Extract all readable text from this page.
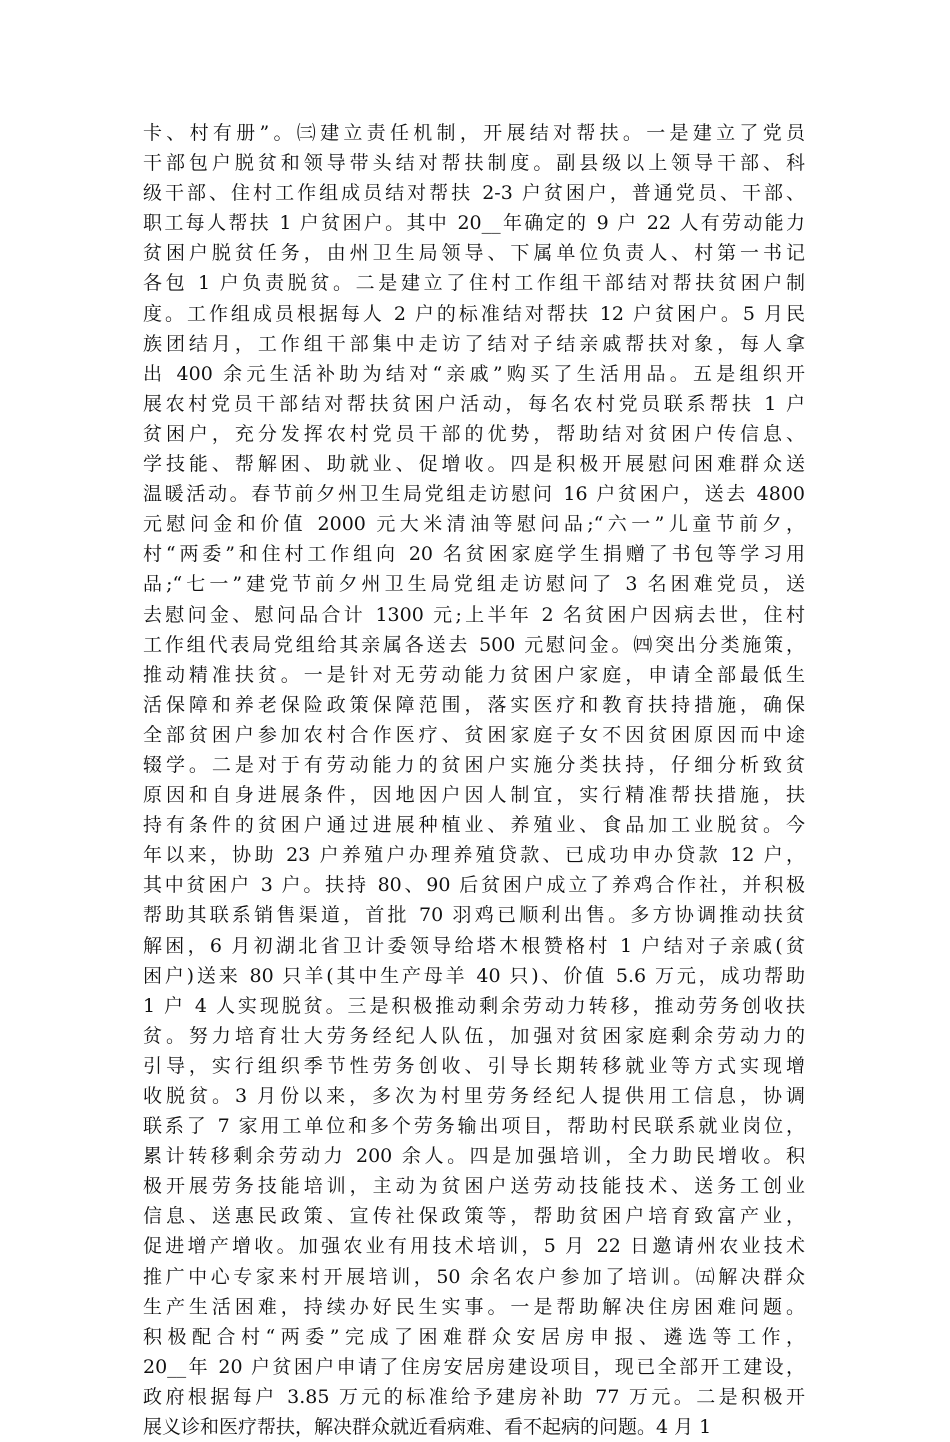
卡、村有册”。㈢建立责任机制，开展结对帮扶。一是建立了党员
干部包户脱贫和领导带头结对帮扶制度。副县级以上领导干部、科
级干部、住村工作组成员结对帮扶 2-3 户贫困户，普通党员、干部、
职工每人帮扶 1 户贫困户。其中 20__年确定的 9 户 22 人有劳动能力
贫困户脱贫任务，由州卫生局领导、下属单位负责人、村第一书记
各包 1 户负责脱贫。二是建立了住村工作组干部结对帮扶贫困户制
度。工作组成员根据每人 2 户的标准结对帮扶 12 户贫困户。5 月民
族团结月，工作组干部集中走访了结对子结亲戚帮扶对象，每人拿
出 400 余元生活补助为结对“亲戚”购买了生活用品。五是组织开
展农村党员干部结对帮扶贫困户活动，每名农村党员联系帮扶 1 户
贫困户，充分发挥农村党员干部的优势，帮助结对贫困户传信息、
学技能、帮解困、助就业、促增收。四是积极开展慰问困难群众送
温暖活动。春节前夕州卫生局党组走访慰问 16 户贫困户，送去 4800
元慰问金和价值 2000 元大米清油等慰问品;“六一”儿童节前夕，
村“两委”和住村工作组向 20 名贫困家庭学生捐赠了书包等学习用
品;“七一”建党节前夕州卫生局党组走访慰问了 3 名困难党员，送
去慰问金、慰问品合计 1300 元;上半年 2 名贫困户因病去世，住村
工作组代表局党组给其亲属各送去 500 元慰问金。㈣突出分类施策，
推动精准扶贫。一是针对无劳动能力贫困户家庭，申请全部最低生
活保障和养老保险政策保障范围，落实医疗和教育扶持措施，确保
全部贫困户参加农村合作医疗、贫困家庭子女不因贫困原因而中途
辍学。二是对于有劳动能力的贫困户实施分类扶持，仔细分析致贫
原因和自身进展条件，因地因户因人制宜，实行精准帮扶措施，扶
持有条件的贫困户通过进展种植业、养殖业、食品加工业脱贫。今
年以来，协助 23 户养殖户办理养殖贷款、已成功申办贷款 12 户，
其中贫困户 3 户。扶持 80、90 后贫困户成立了养鸡合作社，并积极
帮助其联系销售渠道，首批 70 羽鸡已顺利出售。多方协调推动扶贫
解困，6 月初湖北省卫计委领导给塔木根赞格村 1 户结对子亲戚(贫
困户)送来 80 只羊(其中生产母羊 40 只)、价值 5.6 万元，成功帮助
1 户 4 人实现脱贫。三是积极推动剩余劳动力转移，推动劳务创收扶
贫。努力培育壮大劳务经纪人队伍，加强对贫困家庭剩余劳动力的
引导，实行组织季节性劳务创收、引导长期转移就业等方式实现增
收脱贫。3 月份以来，多次为村里劳务经纪人提供用工信息，协调
联系了 7 家用工单位和多个劳务输出项目，帮助村民联系就业岗位，
累计转移剩余劳动力 200 余人。四是加强培训，全力助民增收。积
极开展劳务技能培训，主动为贫困户送劳动技能技术、送务工创业
信息、送惠民政策、宣传社保政策等，帮助贫困户培育致富产业，
促进增产增收。加强农业有用技术培训，5 月 22 日邀请州农业技术
推广中心专家来村开展培训，50 余名农户参加了培训。㈤解决群众
生产生活困难，持续办好民生实事。一是帮助解决住房困难问题。
积极配合村“两委”完成了困难群众安居房申报、遴选等工作，
20__年 20 户贫困户申请了住房安居房建设项目，现已全部开工建设，
政府根据每户 3.85 万元的标准给予建房补助 77 万元。二是积极开
展义诊和医疗帮扶，解决群众就近看病难、看不起病的问题。4 月 1
